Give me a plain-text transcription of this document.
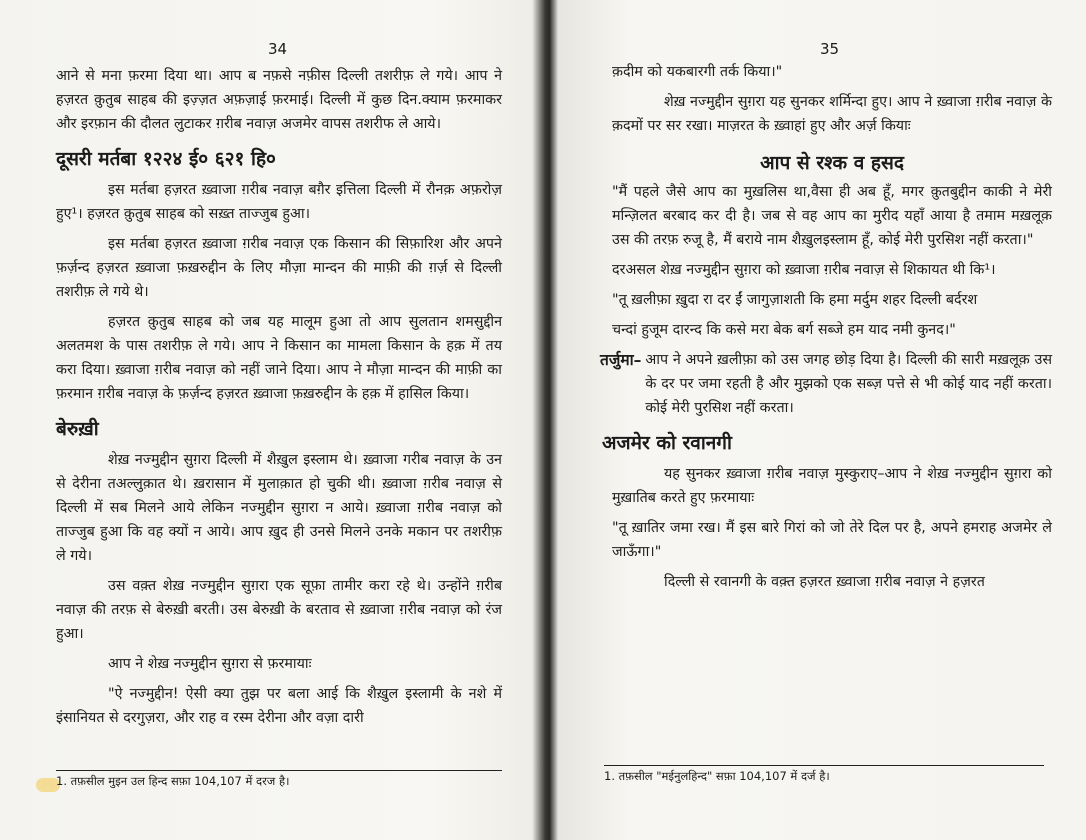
34

आने से मना फ़रमा दिया था। आप ब नफ़से नफ़ीस दिल्ली तशरीफ़ ले गये। आप ने हज़रत क़ुतुब साहब की इज़्ज़त अफ़ज़ाई फ़रमाई। दिल्ली में कुछ दिन.क्याम फ़रमाकर और इरफ़ान की दौलत लुटाकर ग़रीब नवाज़ अजमेर वापस तशरीफ ले आये।

दूसरी मर्तबा १२२४ ई० ६२१ हि०

इस मर्तबा हज़रत ख़्वाजा ग़रीब नवाज़ बग़ैर इत्तिला दिल्ली में रौनक़ अफ़रोज़ हुए¹। हज़रत क़ुतुब साहब को सख़्त ताज्जुब हुआ।

इस मर्तबा हज़रत ख़्वाजा ग़रीब नवाज़ एक किसान की सिफ़ारिश और अपने फ़र्ज़न्द हज़रत ख़्वाजा फ़ख़रुद्दीन के लिए मौज़ा मान्दन की माफ़ी की ग़र्ज़ से दिल्ली तशरीफ़ ले गये थे।

हज़रत क़ुतुब साहब को जब यह मालूम हुआ तो आप सुलतान शमसुद्दीन अलतमश के पास तशरीफ़ ले गये। आप ने किसान का मामला किसान के हक़ में तय करा दिया। ख़्वाजा ग़रीब नवाज़ को नहीं जाने दिया। आप ने मौज़ा मान्दन की माफ़ी का फ़रमान ग़रीब नवाज़ के फ़र्ज़न्द हज़रत ख़्वाजा फ़ख़रुद्दीन के हक़ में हासिल किया।

बेरुख़ी

शेख़ नज्मुद्दीन सुग़रा दिल्ली में शैख़ुल इस्लाम थे। ख़्वाजा गरीब नवाज़ के उन से देरीना तअल्लुक़ात थे। ख़रासान में मुलाक़ात हो चुकी थी। ख़्वाजा ग़रीब नवाज़ से दिल्ली में सब मिलने आये लेकिन नज्मुद्दीन सुग़रा न आये। ख़्वाजा ग़रीब नवाज़ को ताज्जुब हुआ कि वह क्यों न आये। आप ख़ुद ही उनसे मिलने उनके मकान पर तशरीफ़ ले गये।

उस वक़्त शेख़ नज्मुद्दीन सुग़रा एक सूफ़ा तामीर करा रहे थे। उन्होंने ग़रीब नवाज़ की तरफ़ से बेरुख़ी बरती। उस बेरुख़ी के बरताव से ख़्वाजा ग़रीब नवाज़ को रंज हुआ।

आप ने शेख़ नज्मुद्दीन सुग़रा से फ़रमायाः

"ऐ नज्मुद्दीन! ऐसी क्या तुझ पर बला आई कि शैख़ुल इस्लामी के नशे में इंसानियत से दरगुज़रा, और राह व रस्म देरीना और वज़ा दारी

1. तफ़सील मुइन उल हिन्द सफ़ा 104,107 में दरज है।
35

क़दीम को यकबारगी तर्क किया।"

शेख़ नज्मुद्दीन सुग़रा यह सुनकर शर्मिन्दा हुए। आप ने ख़्वाजा ग़रीब नवाज़ के क़दमों पर सर रखा। माज़रत के ख़्वाहां हुए और अर्ज़ कियाः

आप से रश्क व हसद

"मैं पहले जैसे आप का मुख़लिस था,वैसा ही अब हूँ, मगर क़ुतबुद्दीन काकी ने मेरी मन्ज़िलत बरबाद कर दी है। जब से वह आप का मुरीद यहाँ आया है तमाम मख़लूक़ उस की तरफ़ रुजू है, मैं बराये नाम शैख़ुलइस्लाम हूँ, कोई मेरी पुरसिश नहीं करता।"

दरअसल शेख़ नज्मुद्दीन सुग़रा को ख़्वाजा ग़रीब नवाज़ से शिकायत थी कि¹।

"तू ख़लीफ़ा ख़ुदा रा दर ईं जागुज़ाशती कि हमा मर्दुम शहर दिल्ली बर्दरश

चन्दां हुजूम दारन्द कि कसे मरा बेक बर्ग सब्जे हम याद नमी कुनद।"

तर्जुमा– आप ने अपने ख़लीफ़ा को उस जगह छोड़ दिया है। दिल्ली की सारी मख़लूक़ उस के दर पर जमा रहती है और मुझको एक सब्ज़ पत्ते से भी कोई याद नहीं करता। कोई मेरी पुरसिश नहीं करता।
अजमेर को रवानगी

यह सुनकर ख़्वाजा ग़रीब नवाज़ मुस्कुराए–आप ने शेख़ नज्मुद्दीन सुग़रा को मुख़ातिब करते हुए फ़रमायाः

"तू ख़ातिर जमा रख। मैं इस बारे गिरां को जो तेरे दिल पर है, अपने हमराह अजमेर ले जाऊँगा।"

दिल्ली से रवानगी के वक़्त हज़रत ख़्वाजा ग़रीब नवाज़ ने हज़रत

1. तफ़सील "मईनुलहिन्द" सफ़ा 104,107 में दर्ज है।
